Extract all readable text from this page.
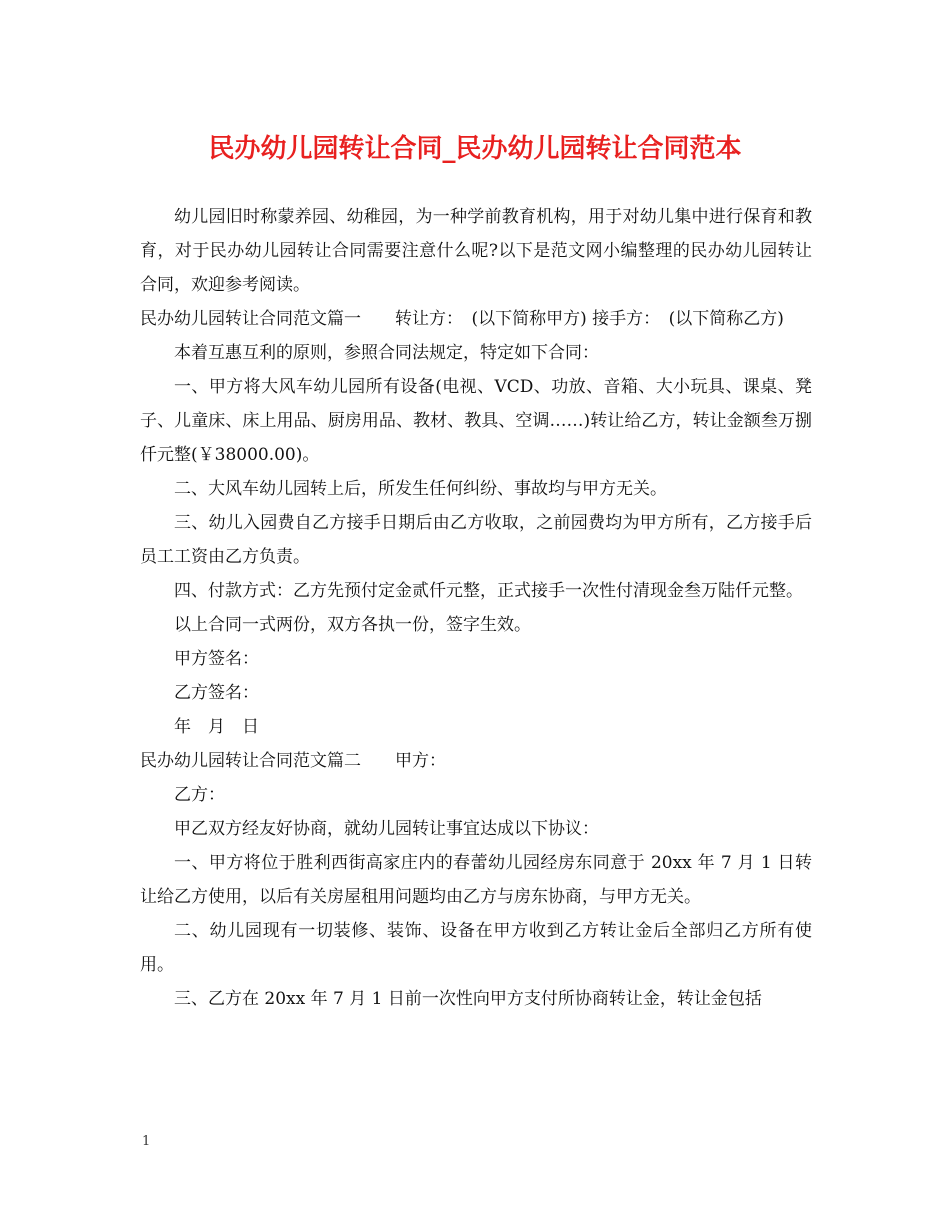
民办幼儿园转让合同_民办幼儿园转让合同范本

幼儿园旧时称蒙养园、幼稚园，为一种学前教育机构，用于对幼儿集中进行保育和教育，对于民办幼儿园转让合同需要注意什么呢?以下是范文网小编整理的民办幼儿园转让合同，欢迎参考阅读。

民办幼儿园转让合同范文篇一　　转让方：　(以下简称甲方) 接手方：　(以下简称乙方)

本着互惠互利的原则，参照合同法规定，特定如下合同：

一、甲方将大风车幼儿园所有设备(电视、VCD、功放、音箱、大小玩具、课桌、凳子、儿童床、床上用品、厨房用品、教材、教具、空调……)转让给乙方，转让金额叁万捌仟元整(￥38000.00)。

二、大风车幼儿园转上后，所发生任何纠纷、事故均与甲方无关。

三、幼儿入园费自乙方接手日期后由乙方收取，之前园费均为甲方所有，乙方接手后员工工资由乙方负责。

四、付款方式：乙方先预付定金贰仟元整，正式接手一次性付清现金叁万陆仟元整。

以上合同一式两份，双方各执一份，签字生效。

甲方签名：

乙方签名：

年　月　日

民办幼儿园转让合同范文篇二　　甲方：

乙方：

甲乙双方经友好协商，就幼儿园转让事宜达成以下协议：

一、甲方将位于胜利西街高家庄内的春蕾幼儿园经房东同意于 20xx 年 7 月 1 日转让给乙方使用，以后有关房屋租用问题均由乙方与房东协商，与甲方无关。

二、幼儿园现有一切装修、装饰、设备在甲方收到乙方转让金后全部归乙方所有使用。

三、乙方在 20xx 年 7 月 1 日前一次性向甲方支付所协商转让金，转让金包括

1
